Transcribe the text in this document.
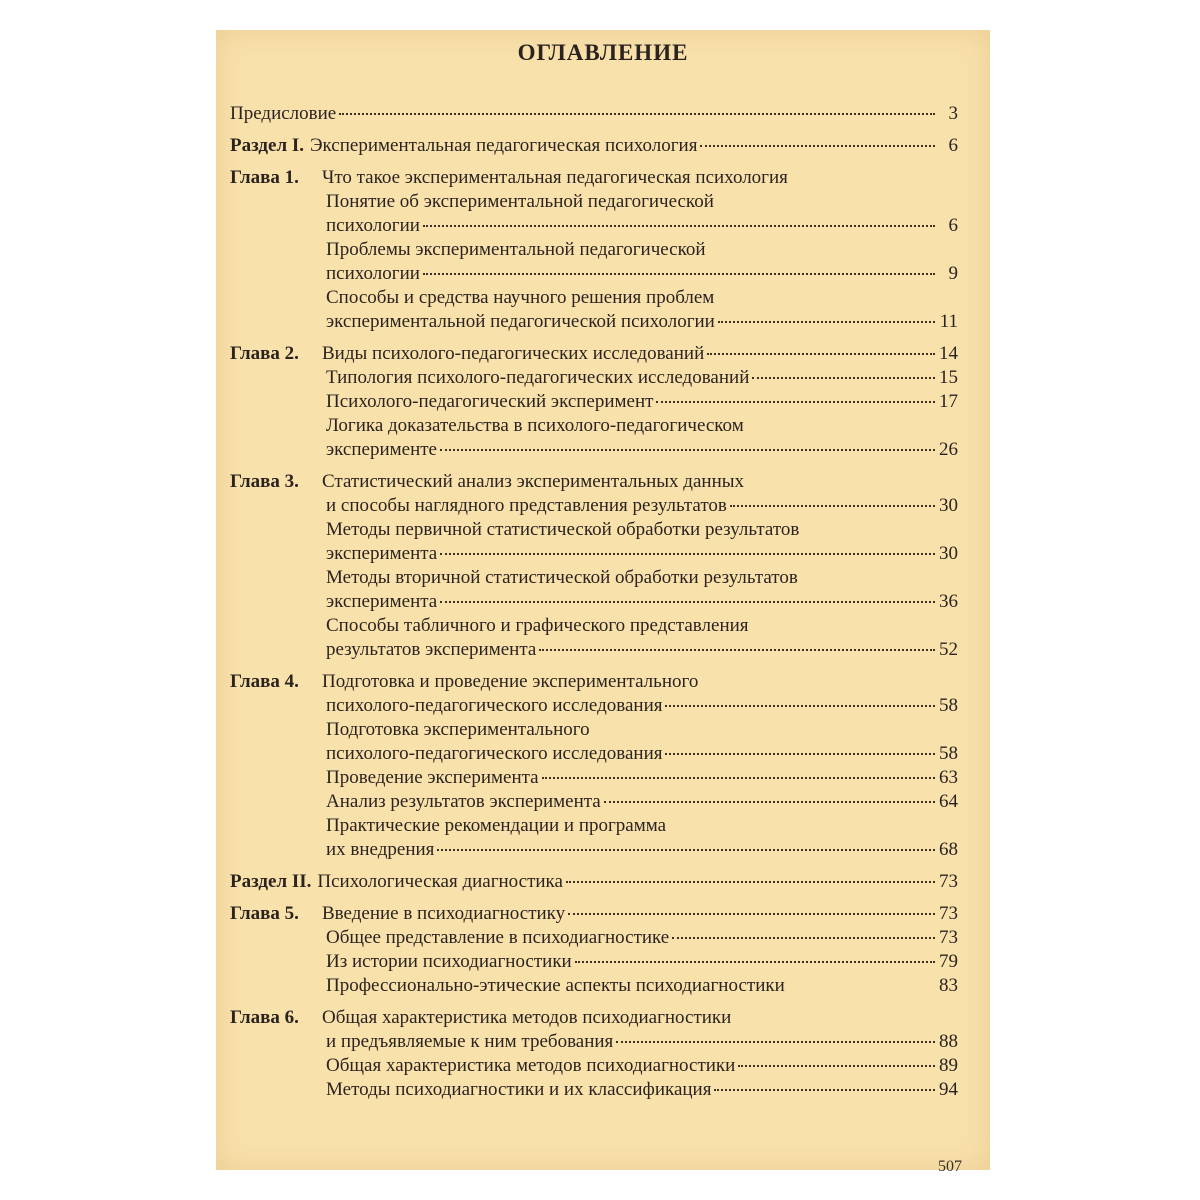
ОГЛАВЛЕНИЕ
Предисловие	3
Раздел I. Экспериментальная педагогическая психология	6
Глава 1.	Что такое экспериментальная педагогическая психология
Понятие об экспериментальной педагогической
психологии	6
Проблемы экспериментальной педагогической
психологии	9
Способы и средства научного решения проблем
экспериментальной педагогической психологии	11
Глава 2.	Виды психолого-педагогических исследований	14
Типология психолого-педагогических исследований	15
Психолого-педагогический эксперимент	17
Логика доказательства в психолого-педагогическом
эксперименте	26
Глава 3.	Статистический анализ экспериментальных данных
и способы наглядного представления результатов	30
Методы первичной статистической обработки результатов
эксперимента	30
Методы вторичной статистической обработки результатов
эксперимента	36
Способы табличного и графического представления
результатов эксперимента	52
Глава 4.	Подготовка и проведение экспериментального
психолого-педагогического исследования	58
Подготовка экспериментального
психолого-педагогического исследования	58
Проведение эксперимента	63
Анализ результатов эксперимента	64
Практические рекомендации и программа
их внедрения	68
Раздел II. Психологическая диагностика	73
Глава 5.	Введение в психодиагностику	73
Общее представление в психодиагностике	73
Из истории психодиагностики	79
Профессионально-этические аспекты психодиагностики	83
Глава 6.	Общая характеристика методов психодиагностики
и предъявляемые к ним требования	88
Общая характеристика методов психодиагностики	89
Методы психодиагностики и их классификация	94
507
